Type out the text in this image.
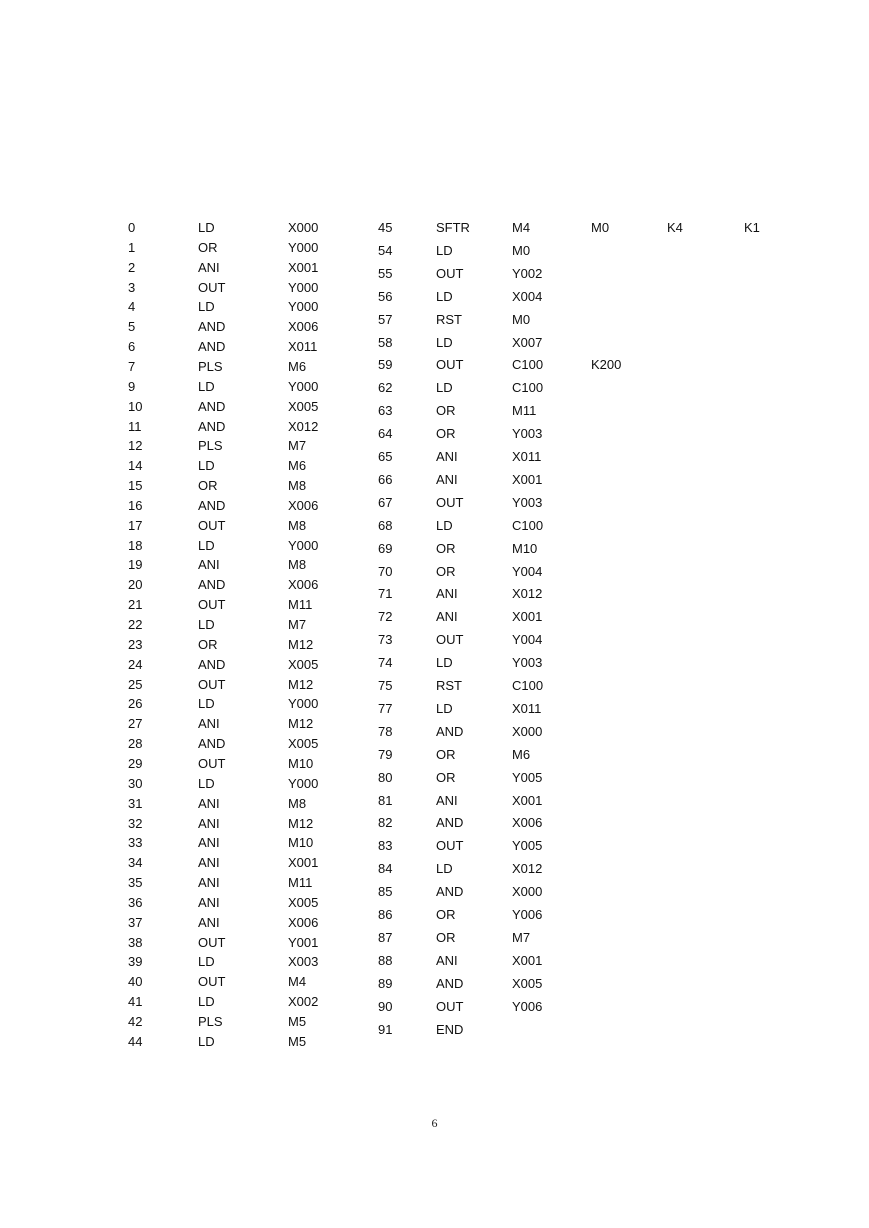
0	LD	X000
1	OR	Y000
2	ANI	X001
3	OUT	Y000
4	LD	Y000
5	AND	X006
6	AND	X011
7	PLS	M6
9	LD	Y000
10	AND	X005
11	AND	X012
12	PLS	M7
14	LD	M6
15	OR	M8
16	AND	X006
17	OUT	M8
18	LD	Y000
19	ANI	M8
20	AND	X006
21	OUT	M11
22	LD	M7
23	OR	M12
24	AND	X005
25	OUT	M12
26	LD	Y000
27	ANI	M12
28	AND	X005
29	OUT	M10
30	LD	Y000
31	ANI	M8
32	ANI	M12
33	ANI	M10
34	ANI	X001
35	ANI	M11
36	ANI	X005
37	ANI	X006
38	OUT	Y001
39	LD	X003
40	OUT	M4
41	LD	X002
42	PLS	M5
44	LD	M5
45	SFTR	M4	M0	K4	K1
54	LD	M0
55	OUT	Y002
56	LD	X004
57	RST	M0
58	LD	X007
59	OUT	C100	K200
62	LD	C100
63	OR	M11
64	OR	Y003
65	ANI	X011
66	ANI	X001
67	OUT	Y003
68	LD	C100
69	OR	M10
70	OR	Y004
71	ANI	X012
72	ANI	X001
73	OUT	Y004
74	LD	Y003
75	RST	C100
77	LD	X011
78	AND	X000
79	OR	M6
80	OR	Y005
81	ANI	X001
82	AND	X006
83	OUT	Y005
84	LD	X012
85	AND	X000
86	OR	Y006
87	OR	M7
88	ANI	X001
89	AND	X005
90	OUT	Y006
91	END
6
